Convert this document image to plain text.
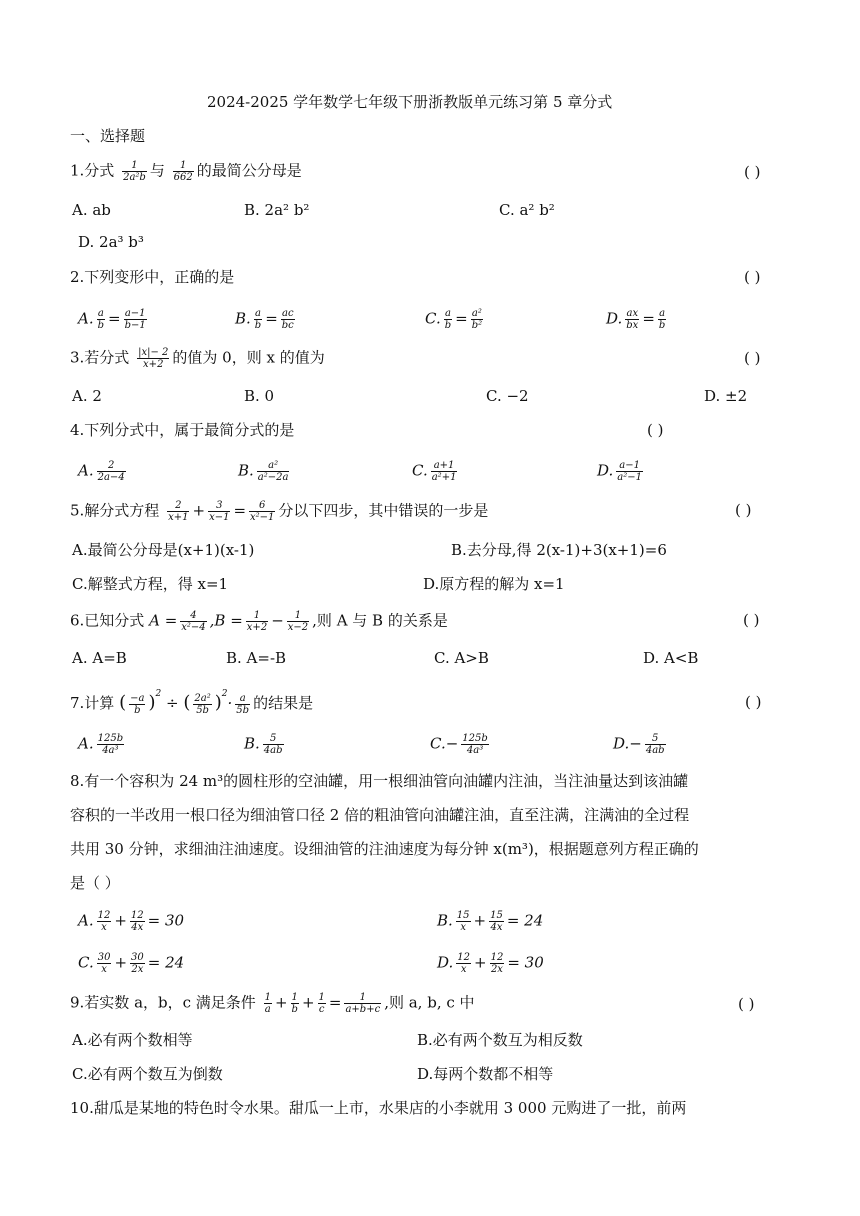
2024-2025 学年数学七年级下册浙教版单元练习第 5 章分式
一、选择题
1.分式 $\frac{1}{\text{2a²b}}$ 与 $\frac{1}{662}$ 的最简公分母是	( )
A. ab	B. 2a² b²	C. a² b²
D. 2a³ b³
2.下列变形中，正确的是	( )
A. $\frac{a}{b} = \frac{a-1}{b-1}$	B. $\frac{a}{b} = \frac{ac}{bc}$	C. $\frac{a}{b} = \frac{\text{a²}}{\text{b²}}$	D. $\frac{ax}{bx} = \frac{a}{b}$
3.若分式 $\frac{|x|- 2}{x+2}$ 的值为 0，则 x 的值为	( )
A. 2	B. 0	C. −2	D. ±2
4.下列分式中，属于最简分式的是	( )
A. $\frac{2}{2a-4}$	B. $\frac{\text{a²}}{\text{a²−2a}}$	C. $\frac{a+1}{\text{a²+1}}$	D. $\frac{a-1}{\text{a²−1}}$
5.解分式方程 $\frac{2}{x+1} + \frac{3}{x-1} = \frac{6}{\text{x²−1}}$ 分以下四步，其中错误的一步是	( )
A.最简公分母是(x+1)(x-1)	B.去分母,得 2(x-1)+3(x+1)=6
C.解整式方程，得 x=1	D.原方程的解为 x=1
6.已知分式 $A = \frac{4}{\text{x²−4}} ,B = \frac{1}{x+2} - \frac{1}{x-2}$ ,则 A 与 B 的关系是	( )
A. A=B	B. A=-B	C. A>B	D. A<B
7.计算 ( $\frac{-a}{b} )^2$ ÷ ( $\frac{\text{2a²}}{5b} )^2\cdot \frac{a}{5b}$ 的结果是	( )
A. $\frac{125b}{\text{4a³}}$	B. $\frac{5}{4ab}$	$C.- \frac{125b}{\text{4a³}}$	$D.- \frac{5}{4ab}$
8.有一个容积为 24 m³的圆柱形的空油罐，用一根细油管向油罐内注油，当注油量达到该油罐
容积的一半改用一根口径为细油管口径 2 倍的粗油管向油罐注油，直至注满，注满油的全过程
共用 30 分钟，求细油注油速度。设细油管的注油速度为每分钟 x(m³)，根据题意列方程正确的
是（ ）
A. $\frac{12}{x} + \frac{12}{4x} = 30$	B. $\frac{15}{x} + \frac{15}{4x} = 24$
C. $\frac{30}{x} + \frac{30}{2x} = 24$	D. $\frac{12}{x} + \frac{12}{2x} = 30$
9.若实数 a，b，c 满足条件 $\frac{1}{a} + \frac{1}{b} + \frac{1}{c} = \frac{1}{a+b+c}$ ,则 a, b, c 中	( )
A.必有两个数相等	B.必有两个数互为相反数
C.必有两个数互为倒数	D.每两个数都不相等
10.甜瓜是某地的特色时令水果。甜瓜一上市，水果店的小李就用 3 000 元购进了一批，前两
